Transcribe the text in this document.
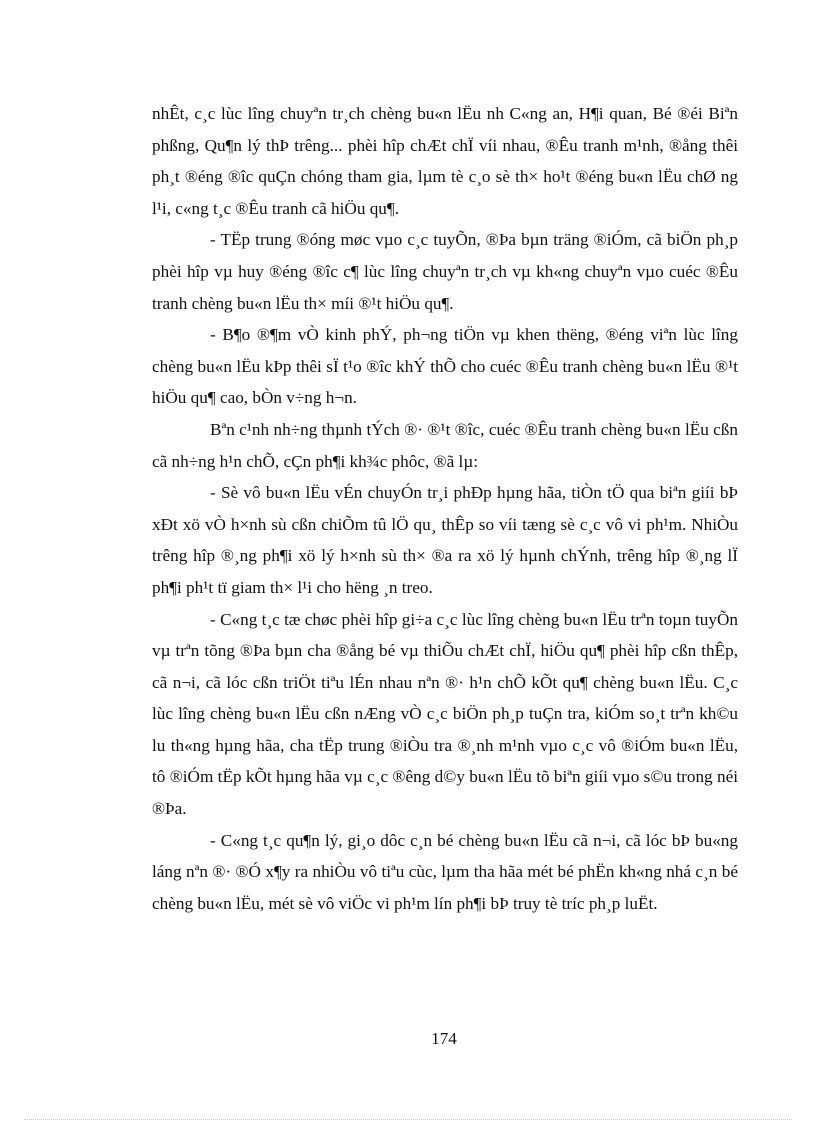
nhÊt, c¸c lùc lîng chuyªn tr¸ch chèng bu«n lËu nh C«ng an, H¶i quan, Bé ®éi Biªn phßng, Qu¶n lý thÞ trêng... phèi hîp chÆt chÏ víi nhau, ®Êu tranh m¹nh, ®ång thêi ph¸t ®éng ®îc quÇn chóng tham gia, lµm tè c¸o sè th× ho¹t ®éng bu«n lËu chØ ng l¹i, c«ng t¸c ®Êu tranh cã hiÖu qu¶.

- TËp trung ®óng møc vµo c¸c tuyÕn, ®Þa bµn träng ®iÓm, cã biÖn ph¸p phèi hîp vµ huy ®éng ®îc c¶ lùc lîng chuyªn tr¸ch vµ kh«ng chuyªn vµo cuéc ®Êu tranh chèng bu«n lËu th× míi ®¹t hiÖu qu¶.

- B¶o ®¶m vÒ kinh phÝ, ph¬ng tiÖn vµ khen thëng, ®éng viªn lùc lîng chèng bu«n lËu kÞp thêi sÏ t¹o ®îc khÝ thÕ cho cuéc ®Êu tranh chèng bu«n lËu ®¹t hiÖu qu¶ cao, bÒn v÷ng h¬n.

Bªn c¹nh nh÷ng thµnh tÝch ®· ®¹t ®îc, cuéc ®Êu tranh chèng bu«n lËu cßn cã nh÷ng h¹n chÕ, cÇn ph¶i kh¾c phôc, ®ã lµ:

- Sè vô bu«n lËu vÉn chuyÓn tr¸i phÐp hµng hãa, tiÒn tÖ qua biªn giíi bÞ xÐt xö vÒ h×nh sù cßn chiÕm tû lÖ qu¸ thÊp so víi tæng sè c¸c vô vi ph¹m. NhiÒu trêng hîp ®¸ng ph¶i xö lý h×nh sù th× ®a ra xö lý hµnh chÝnh, trêng hîp ®¸ng lÏ ph¶i ph¹t tï giam th× l¹i cho hëng ¸n treo.

- C«ng t¸c tæ chøc phèi hîp gi÷a c¸c lùc lîng chèng bu«n lËu trªn toµn tuyÕn vµ trªn tõng ®Þa bµn cha ®ång bé vµ thiÕu chÆt chÏ, hiÖu qu¶ phèi hîp cßn thÊp, cã n¬i, cã lóc cßn triÖt tiªu lÉn nhau nªn ®· h¹n chÕ kÕt qu¶ chèng bu«n lËu. C¸c lùc lîng chèng bu«n lËu cßn nÆng vÒ c¸c biÖn ph¸p tuÇn tra, kiÓm so¸t trªn kh©u lu th«ng hµng hãa, cha tËp trung ®iÒu tra ®¸nh m¹nh vµo c¸c vô ®iÓm bu«n lËu, tô ®iÓm tËp kÕt hµng hãa vµ c¸c ®êng d©y bu«n lËu tõ biªn giíi vµo s©u trong néi ®Þa.

- C«ng t¸c qu¶n lý, gi¸o dôc c¸n bé chèng bu«n lËu cã n¬i, cã lóc bÞ bu«ng láng nªn ®· ®Ó x¶y ra nhiÒu vô tiªu cùc, lµm tha hãa mét bé phËn kh«ng nhá c¸n bé chèng bu«n lËu, mét sè vô viÖc vi ph¹m lín ph¶i bÞ truy tè tríc ph¸p luËt.

174
